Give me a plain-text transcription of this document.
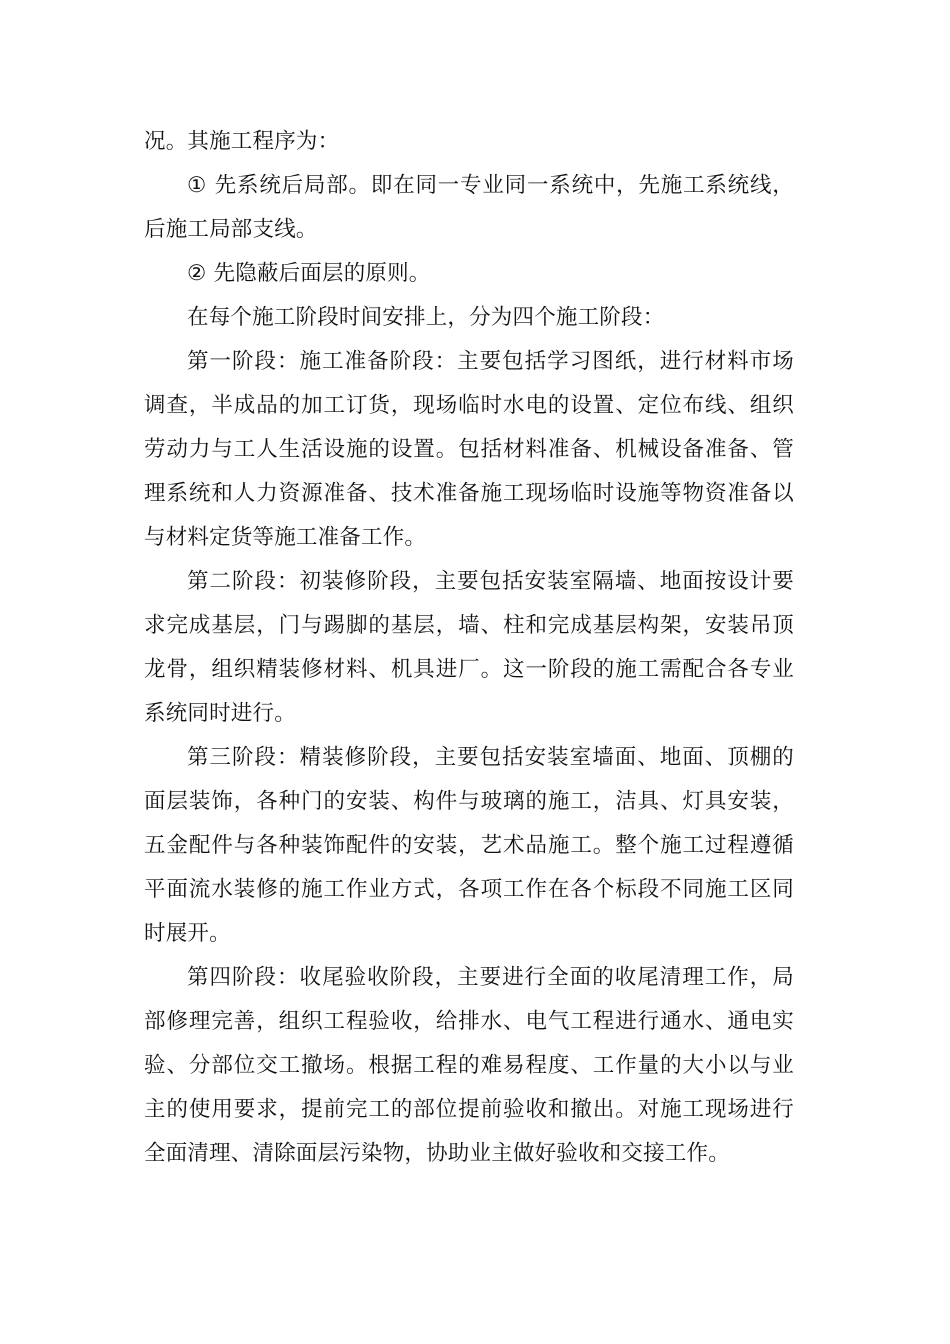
况。其施工程序为：

① 先系统后局部。即在同一专业同一系统中，先施工系统线，后施工局部支线。

② 先隐蔽后面层的原则。

在每个施工阶段时间安排上，分为四个施工阶段：

第一阶段：施工准备阶段：主要包括学习图纸，进行材料市场调查，半成品的加工订货，现场临时水电的设置、定位布线、组织劳动力与工人生活设施的设置。包括材料准备、机械设备准备、管理系统和人力资源准备、技术准备施工现场临时设施等物资准备以与材料定货等施工准备工作。

第二阶段：初装修阶段，主要包括安装室隔墙、地面按设计要求完成基层，门与踢脚的基层，墙、柱和完成基层构架，安装吊顶龙骨，组织精装修材料、机具进厂。这一阶段的施工需配合各专业系统同时进行。

第三阶段：精装修阶段，主要包括安装室墙面、地面、顶棚的面层装饰，各种门的安装、构件与玻璃的施工，洁具、灯具安装，五金配件与各种装饰配件的安装，艺术品施工。整个施工过程遵循平面流水装修的施工作业方式，各项工作在各个标段不同施工区同时展开。

第四阶段：收尾验收阶段，主要进行全面的收尾清理工作，局部修理完善，组织工程验收，给排水、电气工程进行通水、通电实验、分部位交工撤场。根据工程的难易程度、工作量的大小以与业主的使用要求，提前完工的部位提前验收和撤出。对施工现场进行全面清理、清除面层污染物，协助业主做好验收和交接工作。
